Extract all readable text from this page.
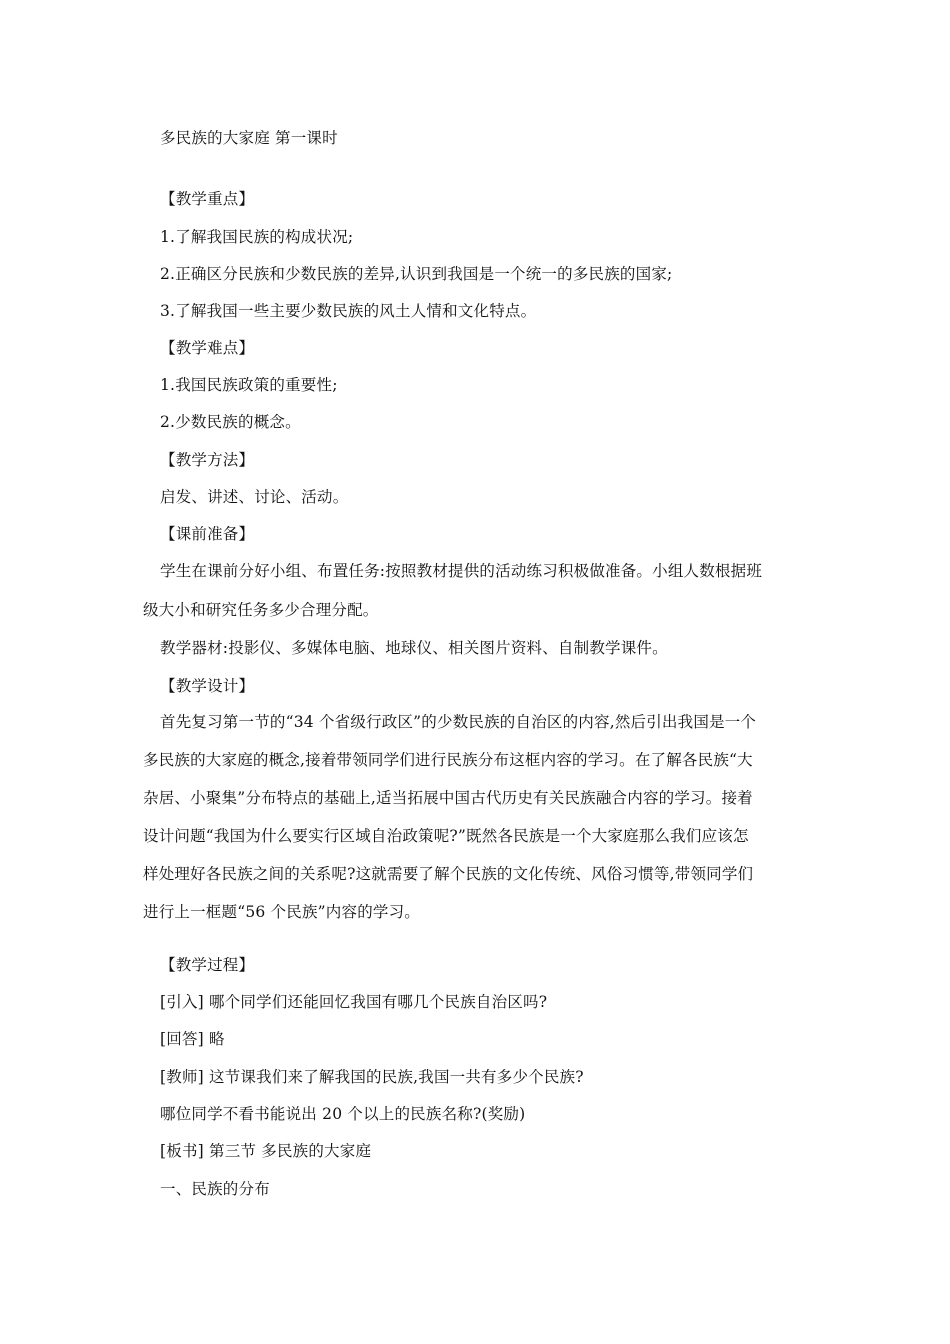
多民族的大家庭 第一课时
【教学重点】
1.了解我国民族的构成状况;
2.正确区分民族和少数民族的差异,认识到我国是一个统一的多民族的国家;
3.了解我国一些主要少数民族的风土人情和文化特点。
【教学难点】
1.我国民族政策的重要性;
2.少数民族的概念。
【教学方法】
启发、讲述、讨论、活动。
【课前准备】
学生在课前分好小组、布置任务:按照教材提供的活动练习积极做准备。小组人数根据班
级大小和研究任务多少合理分配。
教学器材:投影仪、多媒体电脑、地球仪、相关图片资料、自制教学课件。
【教学设计】
首先复习第一节的“34 个省级行政区”的少数民族的自治区的内容,然后引出我国是一个
多民族的大家庭的概念,接着带领同学们进行民族分布这框内容的学习。在了解各民族“大
杂居、小聚集”分布特点的基础上,适当拓展中国古代历史有关民族融合内容的学习。接着
设计问题“我国为什么要实行区域自治政策呢?”既然各民族是一个大家庭那么我们应该怎
样处理好各民族之间的关系呢?这就需要了解个民族的文化传统、风俗习惯等,带领同学们
进行上一框题“56 个民族”内容的学习。
【教学过程】
[引入] 哪个同学们还能回忆我国有哪几个民族自治区吗?
[回答] 略
[教师] 这节课我们来了解我国的民族,我国一共有多少个民族?
哪位同学不看书能说出 20 个以上的民族名称?(奖励)
[板书] 第三节 多民族的大家庭
一、民族的分布
